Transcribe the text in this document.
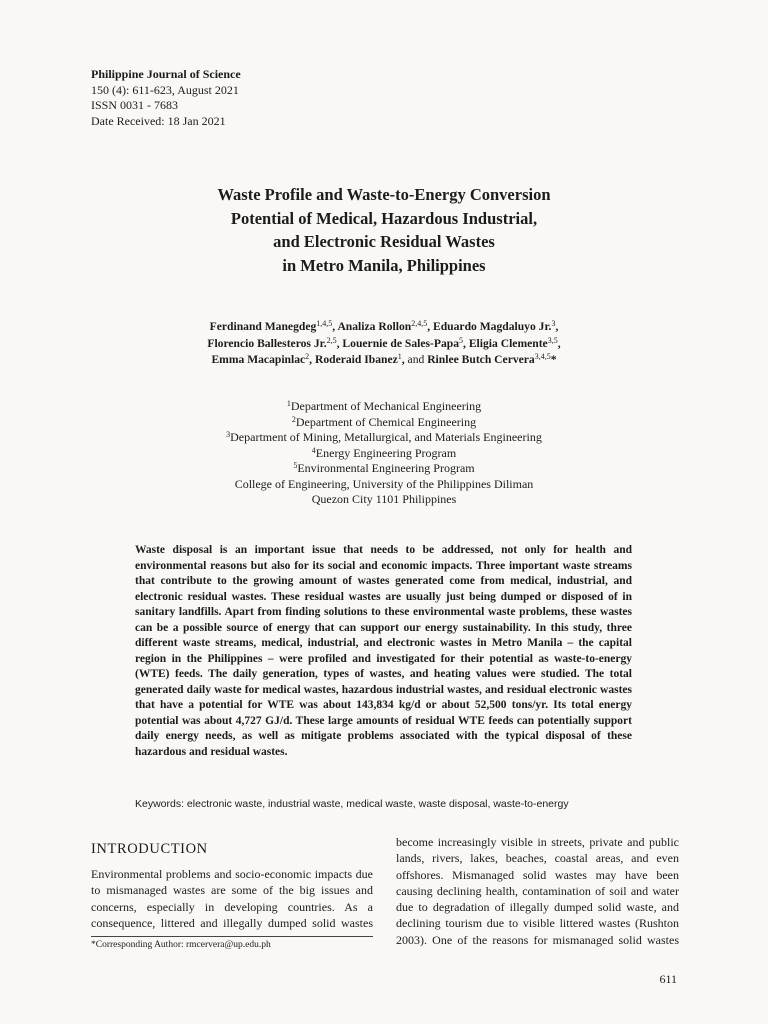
Philippine Journal of Science
150 (4): 611-623, August 2021
ISSN 0031 - 7683
Date Received: 18 Jan 2021
Waste Profile and Waste-to-Energy Conversion
Potential of Medical, Hazardous Industrial,
and Electronic Residual Wastes
in Metro Manila, Philippines
Ferdinand Manegdeg$^{1,4,5}$, Analiza Rollon$^{2,4,5}$, Eduardo Magdaluyo Jr.$^3$,
Florencio Ballesteros Jr.$^{2,5}$, Louernie de Sales-Papa$^5$, Eligia Clemente$^{3,5}$,
Emma Macapinlac$^2$, Roderaid Ibanez$^1$, and Rinlee Butch Cervera$^{3,4,5}$*
$^1$Department of Mechanical Engineering
$^2$Department of Chemical Engineering
$^3$Department of Mining, Metallurgical, and Materials Engineering
$^4$Energy Engineering Program
$^5$Environmental Engineering Program
College of Engineering, University of the Philippines Diliman
Quezon City 1101 Philippines

Waste disposal is an important issue that needs to be addressed, not only for health and environmental reasons but also for its social and economic impacts. Three important waste streams that contribute to the growing amount of wastes generated come from medical, industrial, and electronic residual wastes. These residual wastes are usually just being dumped or disposed of in sanitary landfills. Apart from finding solutions to these environmental waste problems, these wastes can be a possible source of energy that can support our energy sustainability. In this study, three different waste streams, medical, industrial, and electronic wastes in Metro Manila – the capital region in the Philippines – were profiled and investigated for their potential as waste-to-energy (WTE) feeds. The daily generation, types of wastes, and heating values were studied. The total generated daily waste for medical wastes, hazardous industrial wastes, and residual electronic wastes that have a potential for WTE was about 143,834 kg/d or about 52,500 tons/yr. Its total energy potential was about 4,727 GJ/d. These large amounts of residual WTE feeds can potentially support daily energy needs, as well as mitigate problems associated with the typical disposal of these hazardous and residual wastes.

Keywords: electronic waste, industrial waste, medical waste, waste disposal, waste-to-energy
INTRODUCTION

Environmental problems and socio-economic impacts due to mismanaged wastes are some of the big issues and concerns, especially in developing countries. As a consequence, littered and illegally dumped solid wastes

become increasingly visible in streets, private and public lands, rivers, lakes, beaches, coastal areas, and even offshores. Mismanaged solid wastes may have been causing declining health, contamination of soil and water due to degradation of illegally dumped solid waste, and declining tourism due to visible littered wastes (Rushton 2003). One of the reasons for mismanaged solid wastes

*Corresponding Author: rmcervera@up.edu.ph
611
